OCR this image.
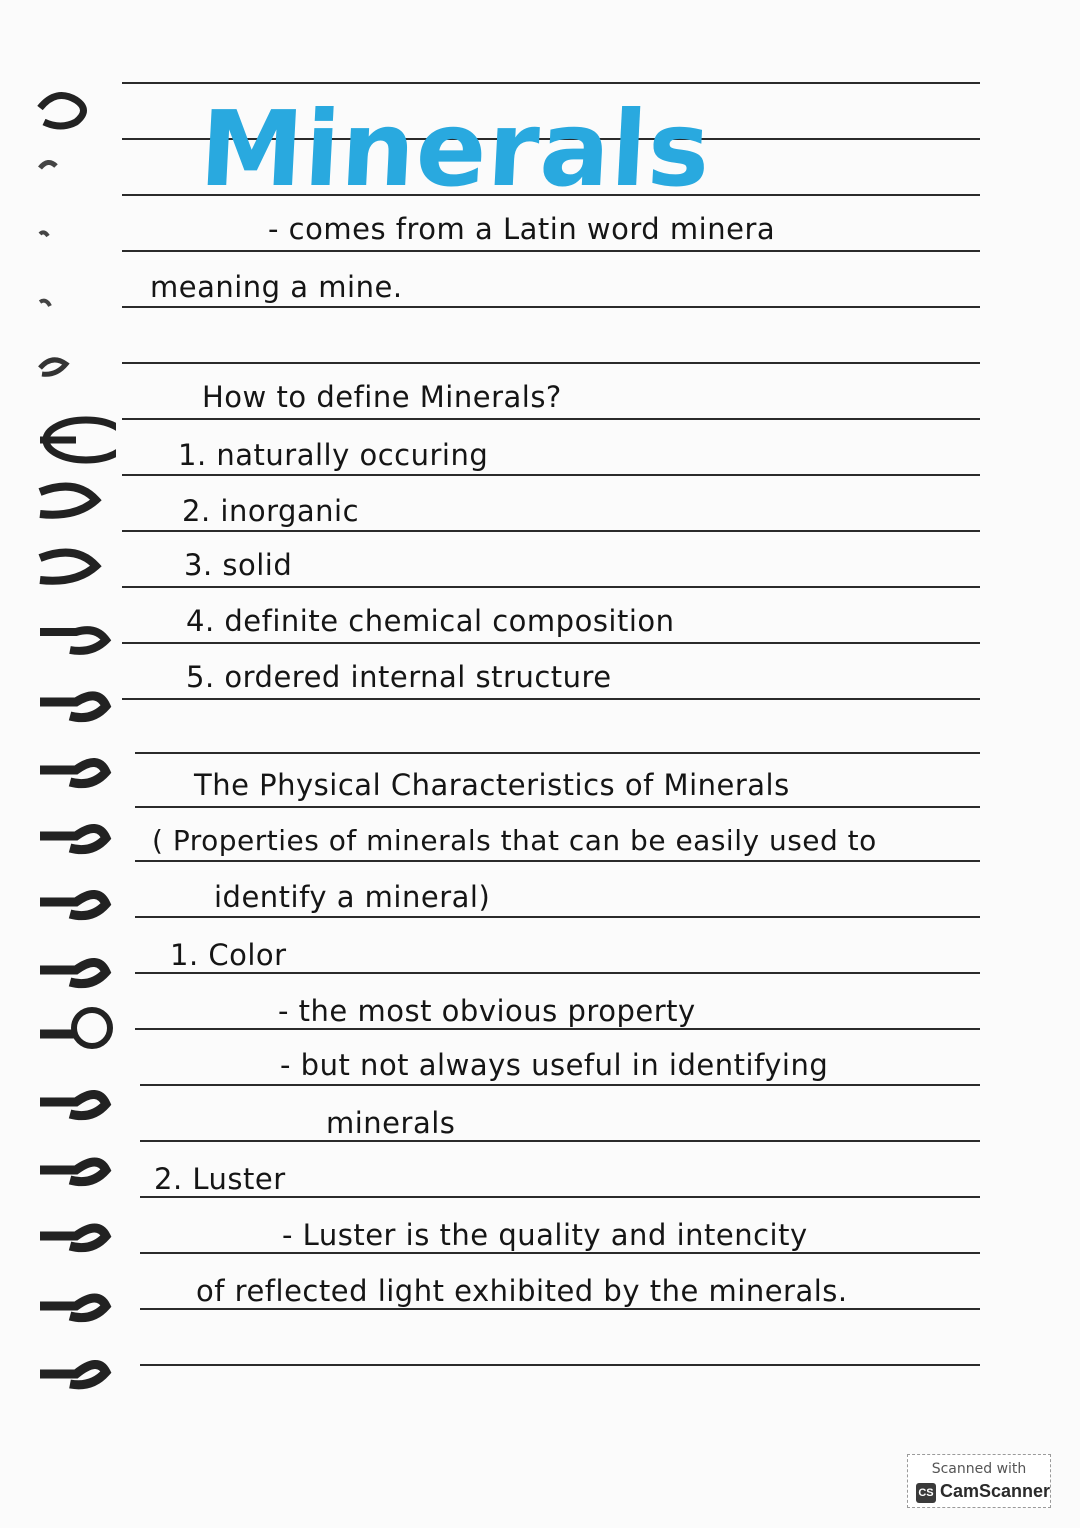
Minerals
- comes from a Latin word minera
meaning a mine.
How to define Minerals?
1. naturally occuring
2. inorganic
3. solid
4. definite chemical composition
5. ordered internal structure
The Physical Characteristics of Minerals
( Properties of minerals that can be easily used to
identify a mineral)
1. Color
- the most obvious property
- but not always useful in identifying
minerals
2. Luster
- Luster is the quality and intencity
of reflected light exhibited by the minerals.
Scanned with
CS CamScanner
